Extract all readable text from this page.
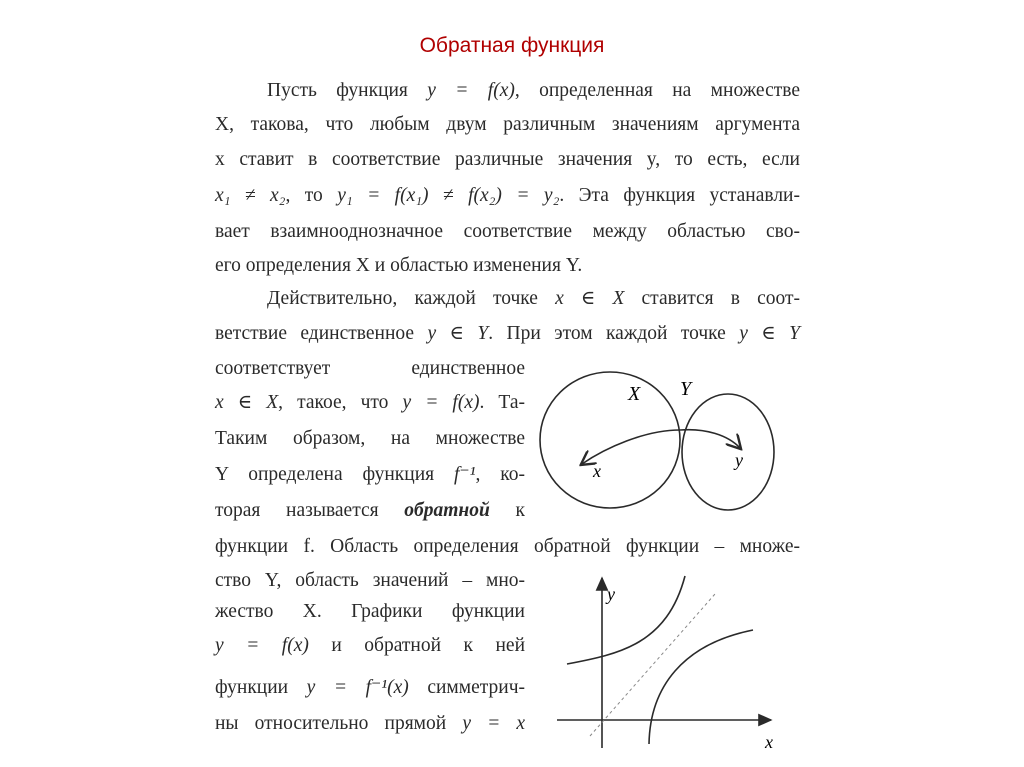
Обратная функция
Пусть функция y = f(x), определенная на множестве
X, такова, что любым двум различным значениям аргумента
x ставит в соответствие различные значения y, то есть, если
x₁ ≠ x₂, то y₁ = f(x₁) ≠ f(x₂) = y₂. Эта функция устанавли-
вает взаимнооднозначное соответствие между областью сво-
его определения X и областью изменения Y.
Действительно, каждой точке x ∈ X ставится в соот-
ветствие единственное y ∈ Y. При этом каждой точке y ∈ Y
соответствует единственное
x ∈ X, такое, что y = f(x). Та-
Таким образом, на множестве
Y определена функция f⁻¹, ко-
торая называется обратной к
функции f. Область определения обратной функции – множе-
ство Y, область значений – мно-
жество X. Графики функции
y = f(x) и обратной к ней
функции y = f⁻¹(x) симметрич-
ны относительно прямой y = x
X Y
x
y
y
x
